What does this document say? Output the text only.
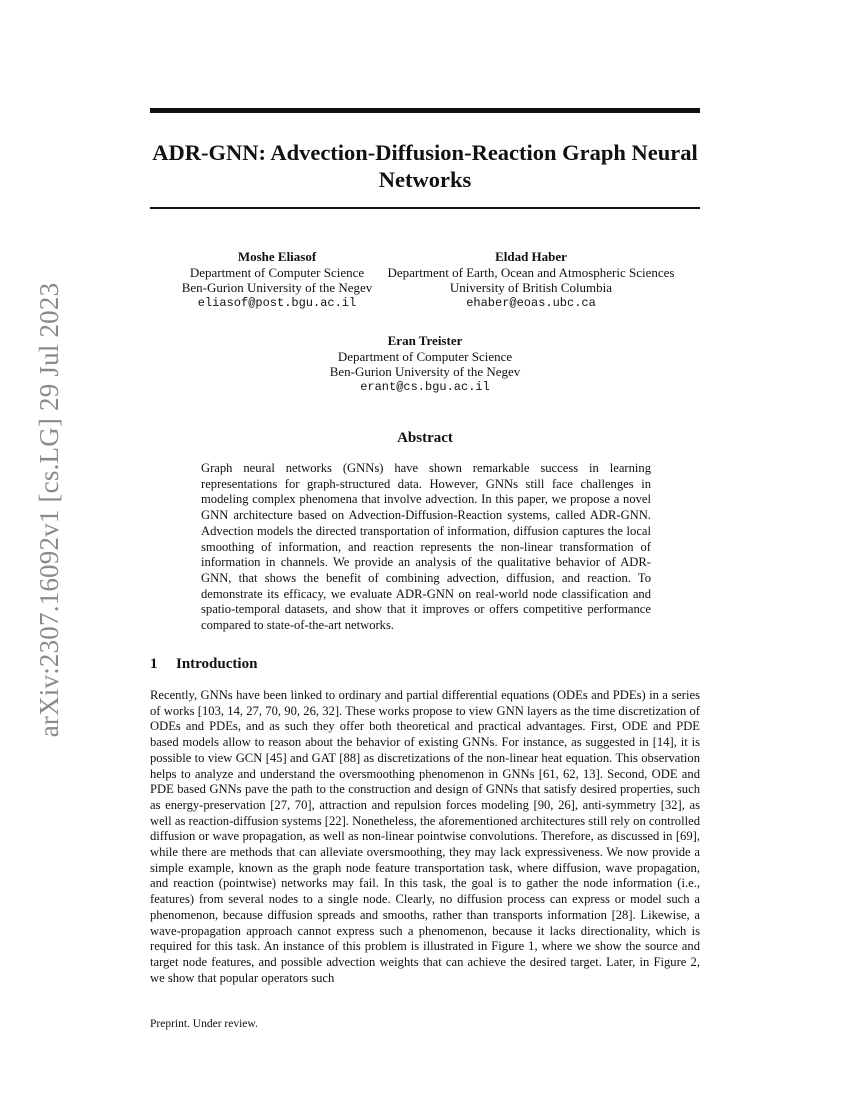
arXiv:2307.16092v1 [cs.LG] 29 Jul 2023
ADR-GNN: Advection-Diffusion-Reaction Graph Neural Networks
Moshe Eliasof
Department of Computer Science
Ben-Gurion University of the Negev
eliasof@post.bgu.ac.il
Eldad Haber
Department of Earth, Ocean and Atmospheric Sciences
University of British Columbia
ehaber@eoas.ubc.ca
Eran Treister
Department of Computer Science
Ben-Gurion University of the Negev
erant@cs.bgu.ac.il
Abstract
Graph neural networks (GNNs) have shown remarkable success in learning representations for graph-structured data. However, GNNs still face challenges in modeling complex phenomena that involve advection. In this paper, we propose a novel GNN architecture based on Advection-Diffusion-Reaction systems, called ADR-GNN. Advection models the directed transportation of information, diffusion captures the local smoothing of information, and reaction represents the non-linear transformation of information in channels. We provide an analysis of the qualitative behavior of ADR-GNN, that shows the benefit of combining advection, diffusion, and reaction. To demonstrate its efficacy, we evaluate ADR-GNN on real-world node classification and spatio-temporal datasets, and show that it improves or offers competitive performance compared to state-of-the-art networks.
1 Introduction
Recently, GNNs have been linked to ordinary and partial differential equations (ODEs and PDEs) in a series of works [103, 14, 27, 70, 90, 26, 32]. These works propose to view GNN layers as the time discretization of ODEs and PDEs, and as such they offer both theoretical and practical advantages. First, ODE and PDE based models allow to reason about the behavior of existing GNNs. For instance, as suggested in [14], it is possible to view GCN [45] and GAT [88] as discretizations of the non-linear heat equation. This observation helps to analyze and understand the oversmoothing phenomenon in GNNs [61, 62, 13]. Second, ODE and PDE based GNNs pave the path to the construction and design of GNNs that satisfy desired properties, such as energy-preservation [27, 70], attraction and repulsion forces modeling [90, 26], anti-symmetry [32], as well as reaction-diffusion systems [22]. Nonetheless, the aforementioned architectures still rely on controlled diffusion or wave propagation, as well as non-linear pointwise convolutions. Therefore, as discussed in [69], while there are methods that can alleviate oversmoothing, they may lack expressiveness. We now provide a simple example, known as the graph node feature transportation task, where diffusion, wave propagation, and reaction (pointwise) networks may fail. In this task, the goal is to gather the node information (i.e., features) from several nodes to a single node. Clearly, no diffusion process can express or model such a phenomenon, because diffusion spreads and smooths, rather than transports information [28]. Likewise, a wave-propagation approach cannot express such a phenomenon, because it lacks directionality, which is required for this task. An instance of this problem is illustrated in Figure 1, where we show the source and target node features, and possible advection weights that can achieve the desired target. Later, in Figure 2, we show that popular operators such
Preprint. Under review.
